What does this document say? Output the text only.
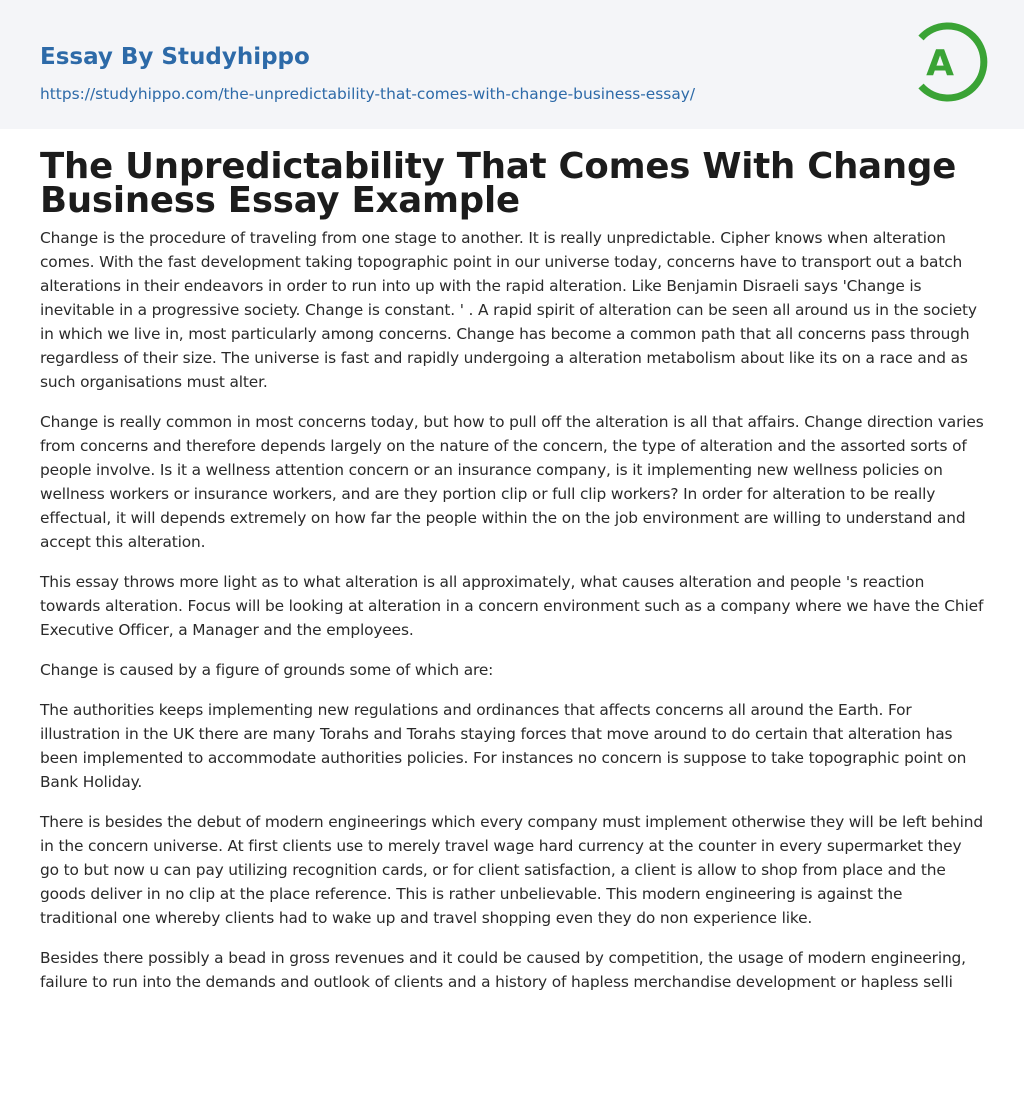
Essay By Studyhippo
https://studyhippo.com/the-unpredictability-that-comes-with-change-business-essay/
A
The Unpredictability That Comes With Change Business Essay Example

Change is the procedure of traveling from one stage to another. It is really unpredictable. Cipher knows when alteration comes. With the fast development taking topographic point in our universe today, concerns have to transport out a batch alterations in their endeavors in order to run into up with the rapid alteration. Like Benjamin Disraeli says 'Change is inevitable in a progressive society. Change is constant. ' . A rapid spirit of alteration can be seen all around us in the society in which we live in, most particularly among concerns. Change has become a common path that all concerns pass through regardless of their size. The universe is fast and rapidly undergoing a alteration metabolism about like its on a race and as such organisations must alter.

Change is really common in most concerns today, but how to pull off the alteration is all that affairs. Change direction varies from concerns and therefore depends largely on the nature of the concern, the type of alteration and the assorted sorts of people involve. Is it a wellness attention concern or an insurance company, is it implementing new wellness policies on wellness workers or insurance workers, and are they portion clip or full clip workers? In order for alteration to be really effectual, it will depends extremely on how far the people within the on the job environment are willing to understand and accept this alteration.

This essay throws more light as to what alteration is all approximately, what causes alteration and people 's reaction towards alteration. Focus will be looking at alteration in a concern environment such as a company where we have the Chief Executive Officer, a Manager and the employees.

Change is caused by a figure of grounds some of which are:

The authorities keeps implementing new regulations and ordinances that affects concerns all around the Earth. For illustration in the UK there are many Torahs and Torahs staying forces that move around to do certain that alteration has been implemented to accommodate authorities policies. For instances no concern is suppose to take topographic point on Bank Holiday.

There is besides the debut of modern engineerings which every company must implement otherwise they will be left behind in the concern universe. At first clients use to merely travel wage hard currency at the counter in every supermarket they go to but now u can pay utilizing recognition cards, or for client satisfaction, a client is allow to shop from place and the goods deliver in no clip at the place reference. This is rather unbelievable. This modern engineering is against the traditional one whereby clients had to wake up and travel shopping even they do non experience like.

Besides there possibly a bead in gross revenues and it could be caused by competition, the usage of modern engineering, failure to run into the demands and outlook of clients and a history of hapless merchandise development or hapless selli
